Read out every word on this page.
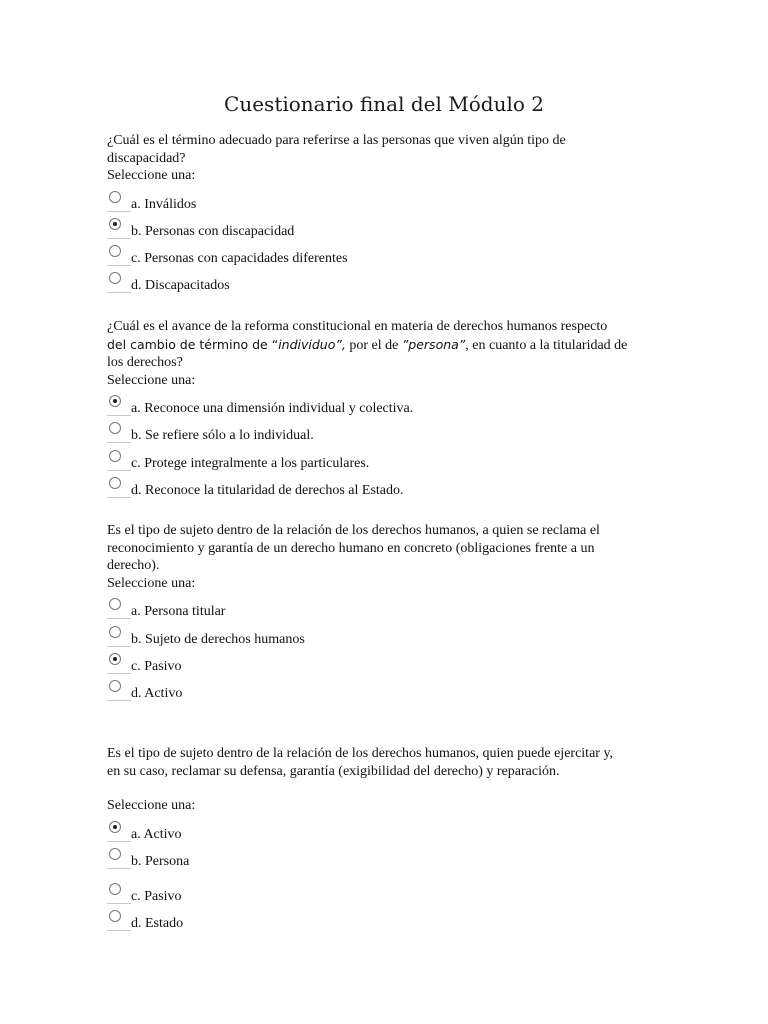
Cuestionario final del Módulo 2

¿Cuál es el término adecuado para referirse a las personas que viven algún tipo de

discapacidad?

Seleccione una:

a. Inválidos
b. Personas con discapacidad
c. Personas con capacidades diferentes
d. Discapacitados

¿Cuál es el avance de la reforma constitucional en materia de derechos humanos respecto

del cambio de término de “individuo”, por el de ”persona”, en cuanto a la titularidad de

los derechos?

Seleccione una:

a. Reconoce una dimensión individual y colectiva.
b. Se refiere sólo a lo individual.
c. Protege integralmente a los particulares.
d. Reconoce la titularidad de derechos al Estado.

Es el tipo de sujeto dentro de la relación de los derechos humanos, a quien se reclama el

reconocimiento y garantía de un derecho humano en concreto (obligaciones frente a un

derecho).

Seleccione una:

a. Persona titular
b. Sujeto de derechos humanos
c. Pasivo
d. Activo

Es el tipo de sujeto dentro de la relación de los derechos humanos, quien puede ejercitar y,

en su caso, reclamar su defensa, garantía (exigibilidad del derecho) y reparación.

Seleccione una:

a. Activo
b. Persona
c. Pasivo
d. Estado
